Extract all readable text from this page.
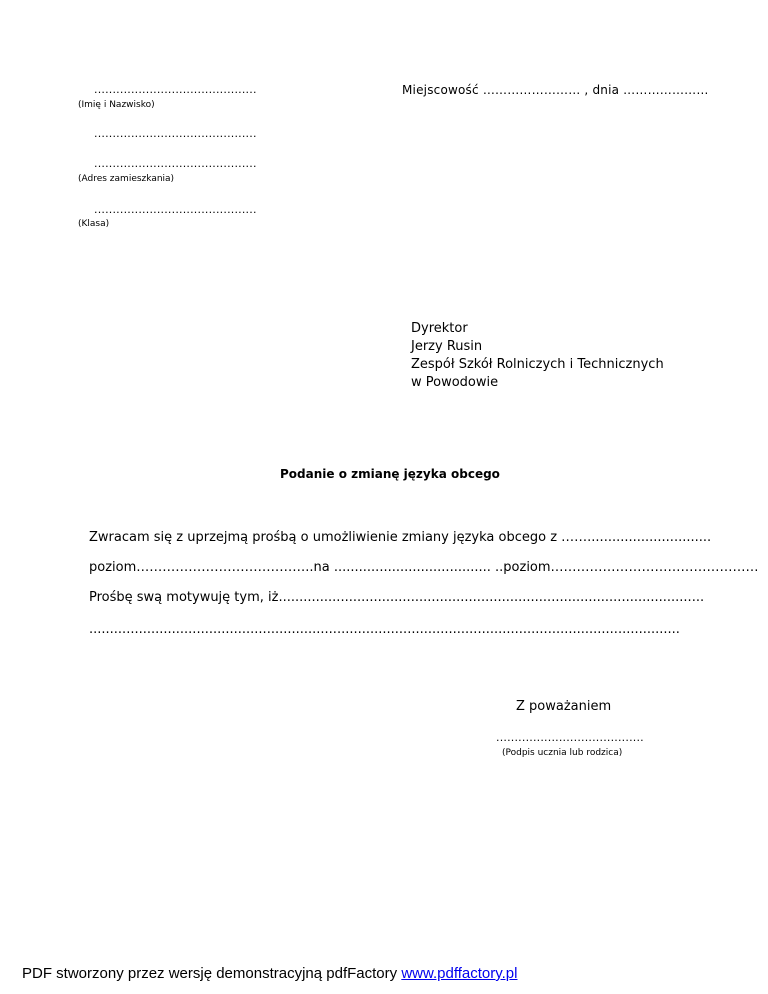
............................................
(Imię i Nazwisko)
............................................
............................................
(Adres zamieszkania)
............................................
(Klasa)
Miejscowość …………………… , dnia …………………
Dyrektor
Jerzy Rusin
Zespół Szkół Rolniczych i Technicznych
w Powodowie
Podanie o zmianę języka obcego
Zwracam się z uprzejmą prośbą o umożliwienie zmiany języka obcego z ……..............................
poziom…………………………………..na ...................................... ..poziom…………………………………………
Prośbę swą motywuję tym, iż.......................................................................................................
...............................................................................................................................................
Z poważaniem
........................................
(Podpis ucznia lub rodzica)
PDF stworzony przez wersję demonstracyjną pdfFactory www.pdffactory.pl
